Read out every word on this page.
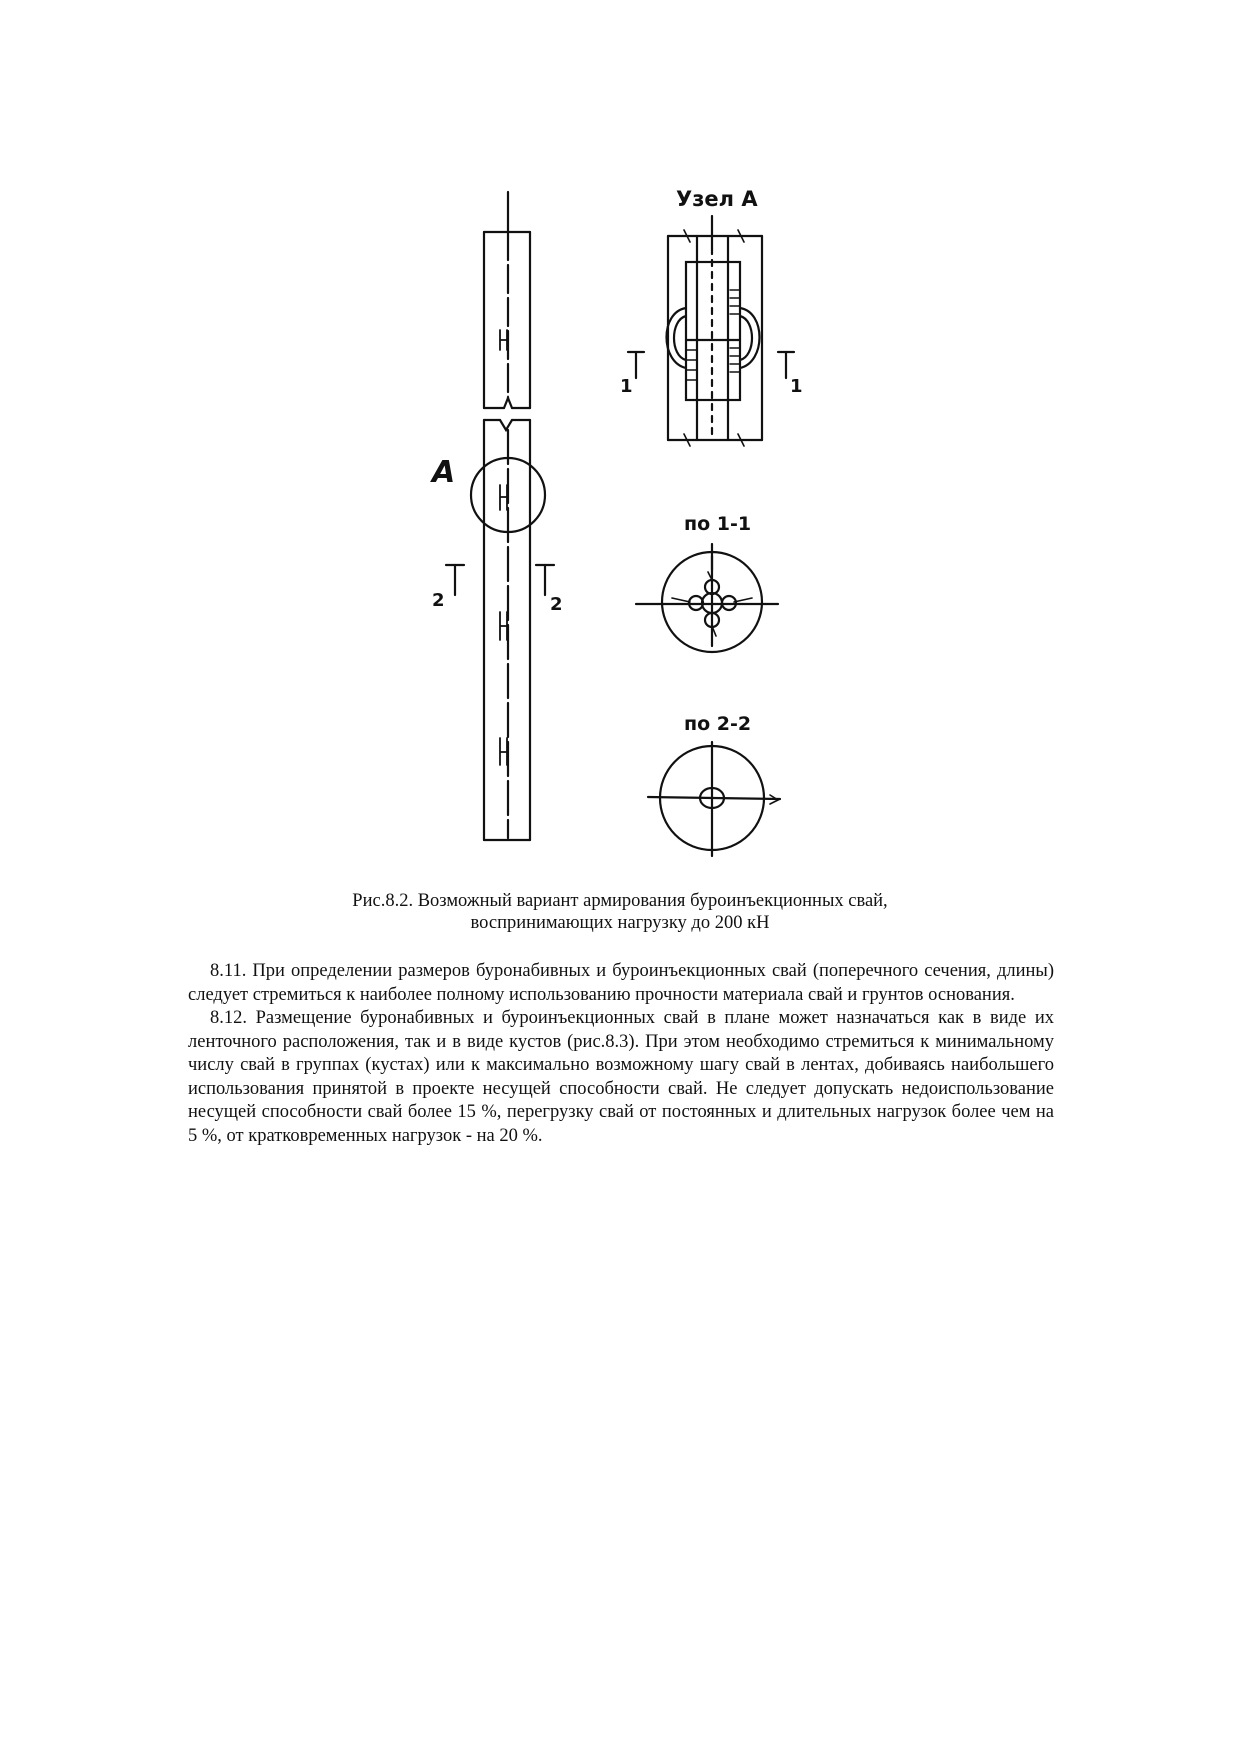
А
2	2
Узел А
1	1
по 1-1
по 2-2
Рис.8.2. Возможный вариант армирования буроинъекционных свай,
воспринимающих нагрузку до 200 кН

8.11. При определении размеров буронабивных и буроинъекционных свай (поперечного сечения, длины) следует стремиться к наиболее полному использованию прочности материала свай и грунтов основания.

8.12. Размещение буронабивных и буроинъекционных свай в плане может назначаться как в виде их ленточного расположения, так и в виде кустов (рис.8.3). При этом необходимо стремиться к минимальному числу свай в группах (кустах) или к максимально возможному шагу свай в лентах, добиваясь наибольшего использования принятой в проекте несущей способности свай. Не следует допускать недоиспользование несущей способности свай более 15 %, перегрузку свай от постоянных и длительных нагрузок более чем на 5 %, от кратковременных нагрузок - на 20 %.
